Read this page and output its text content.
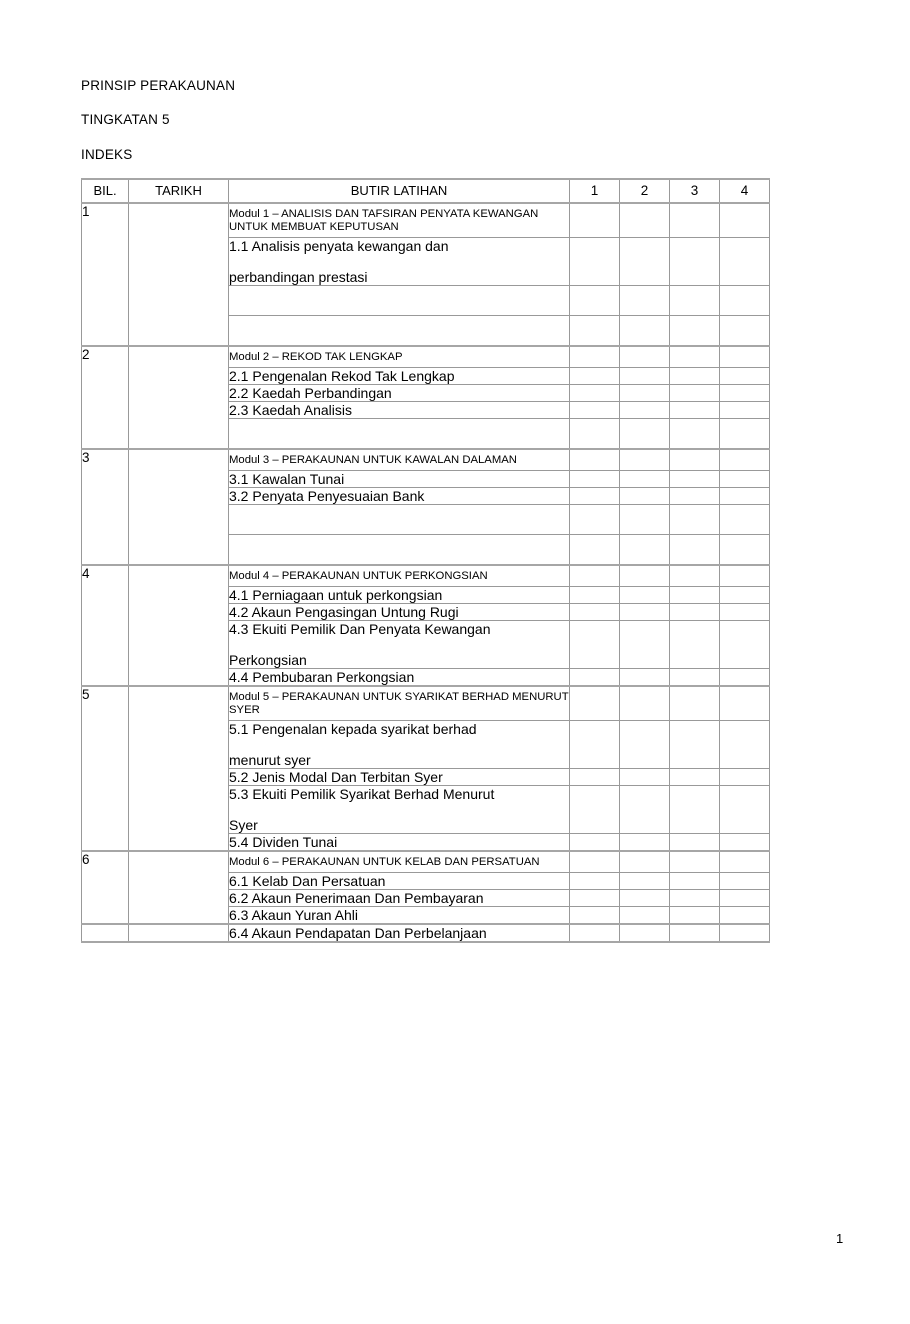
PRINSIP PERAKAUNAN
TINGKATAN 5
INDEKS
BIL.	TARIKH	BUTIR LATIHAN	1	2	3	4
1		Modul 1 – ANALISIS DAN TAFSIRAN PENYATA KEWANGAN UNTUK MEMBUAT KEPUTUSAN				

		1.1 Analisis penyata kewangan dan
perbandingan prestasi				

2		Modul 2 – REKOD TAK LENGKAP				

		2.1 Pengenalan Rekod Tak Lengkap				

		2.2 Kaedah Perbandingan				

		2.3 Kaedah Analisis				

3		Modul 3 – PERAKAUNAN UNTUK KAWALAN DALAMAN				

		3.1 Kawalan Tunai				

		3.2 Penyata Penyesuaian Bank				

4		Modul 4 – PERAKAUNAN UNTUK PERKONGSIAN				

		4.1 Perniagaan untuk perkongsian				

		4.2 Akaun Pengasingan Untung Rugi				

		4.3 Ekuiti Pemilik Dan Penyata Kewangan
Perkongsian				

		4.4 Pembubaran Perkongsian				

5		Modul 5 – PERAKAUNAN UNTUK SYARIKAT BERHAD MENURUT SYER				

		5.1 Pengenalan kepada syarikat berhad
menurut syer				

		5.2 Jenis Modal Dan Terbitan Syer				

		5.3 Ekuiti Pemilik Syarikat Berhad Menurut
Syer				

		5.4 Dividen Tunai				

6		Modul 6 – PERAKAUNAN UNTUK KELAB DAN PERSATUAN				

		6.1 Kelab Dan Persatuan				

		6.2 Akaun Penerimaan Dan Pembayaran				

		6.3 Akaun Yuran Ahli				

		6.4 Akaun Pendapatan Dan Perbelanjaan				

1
